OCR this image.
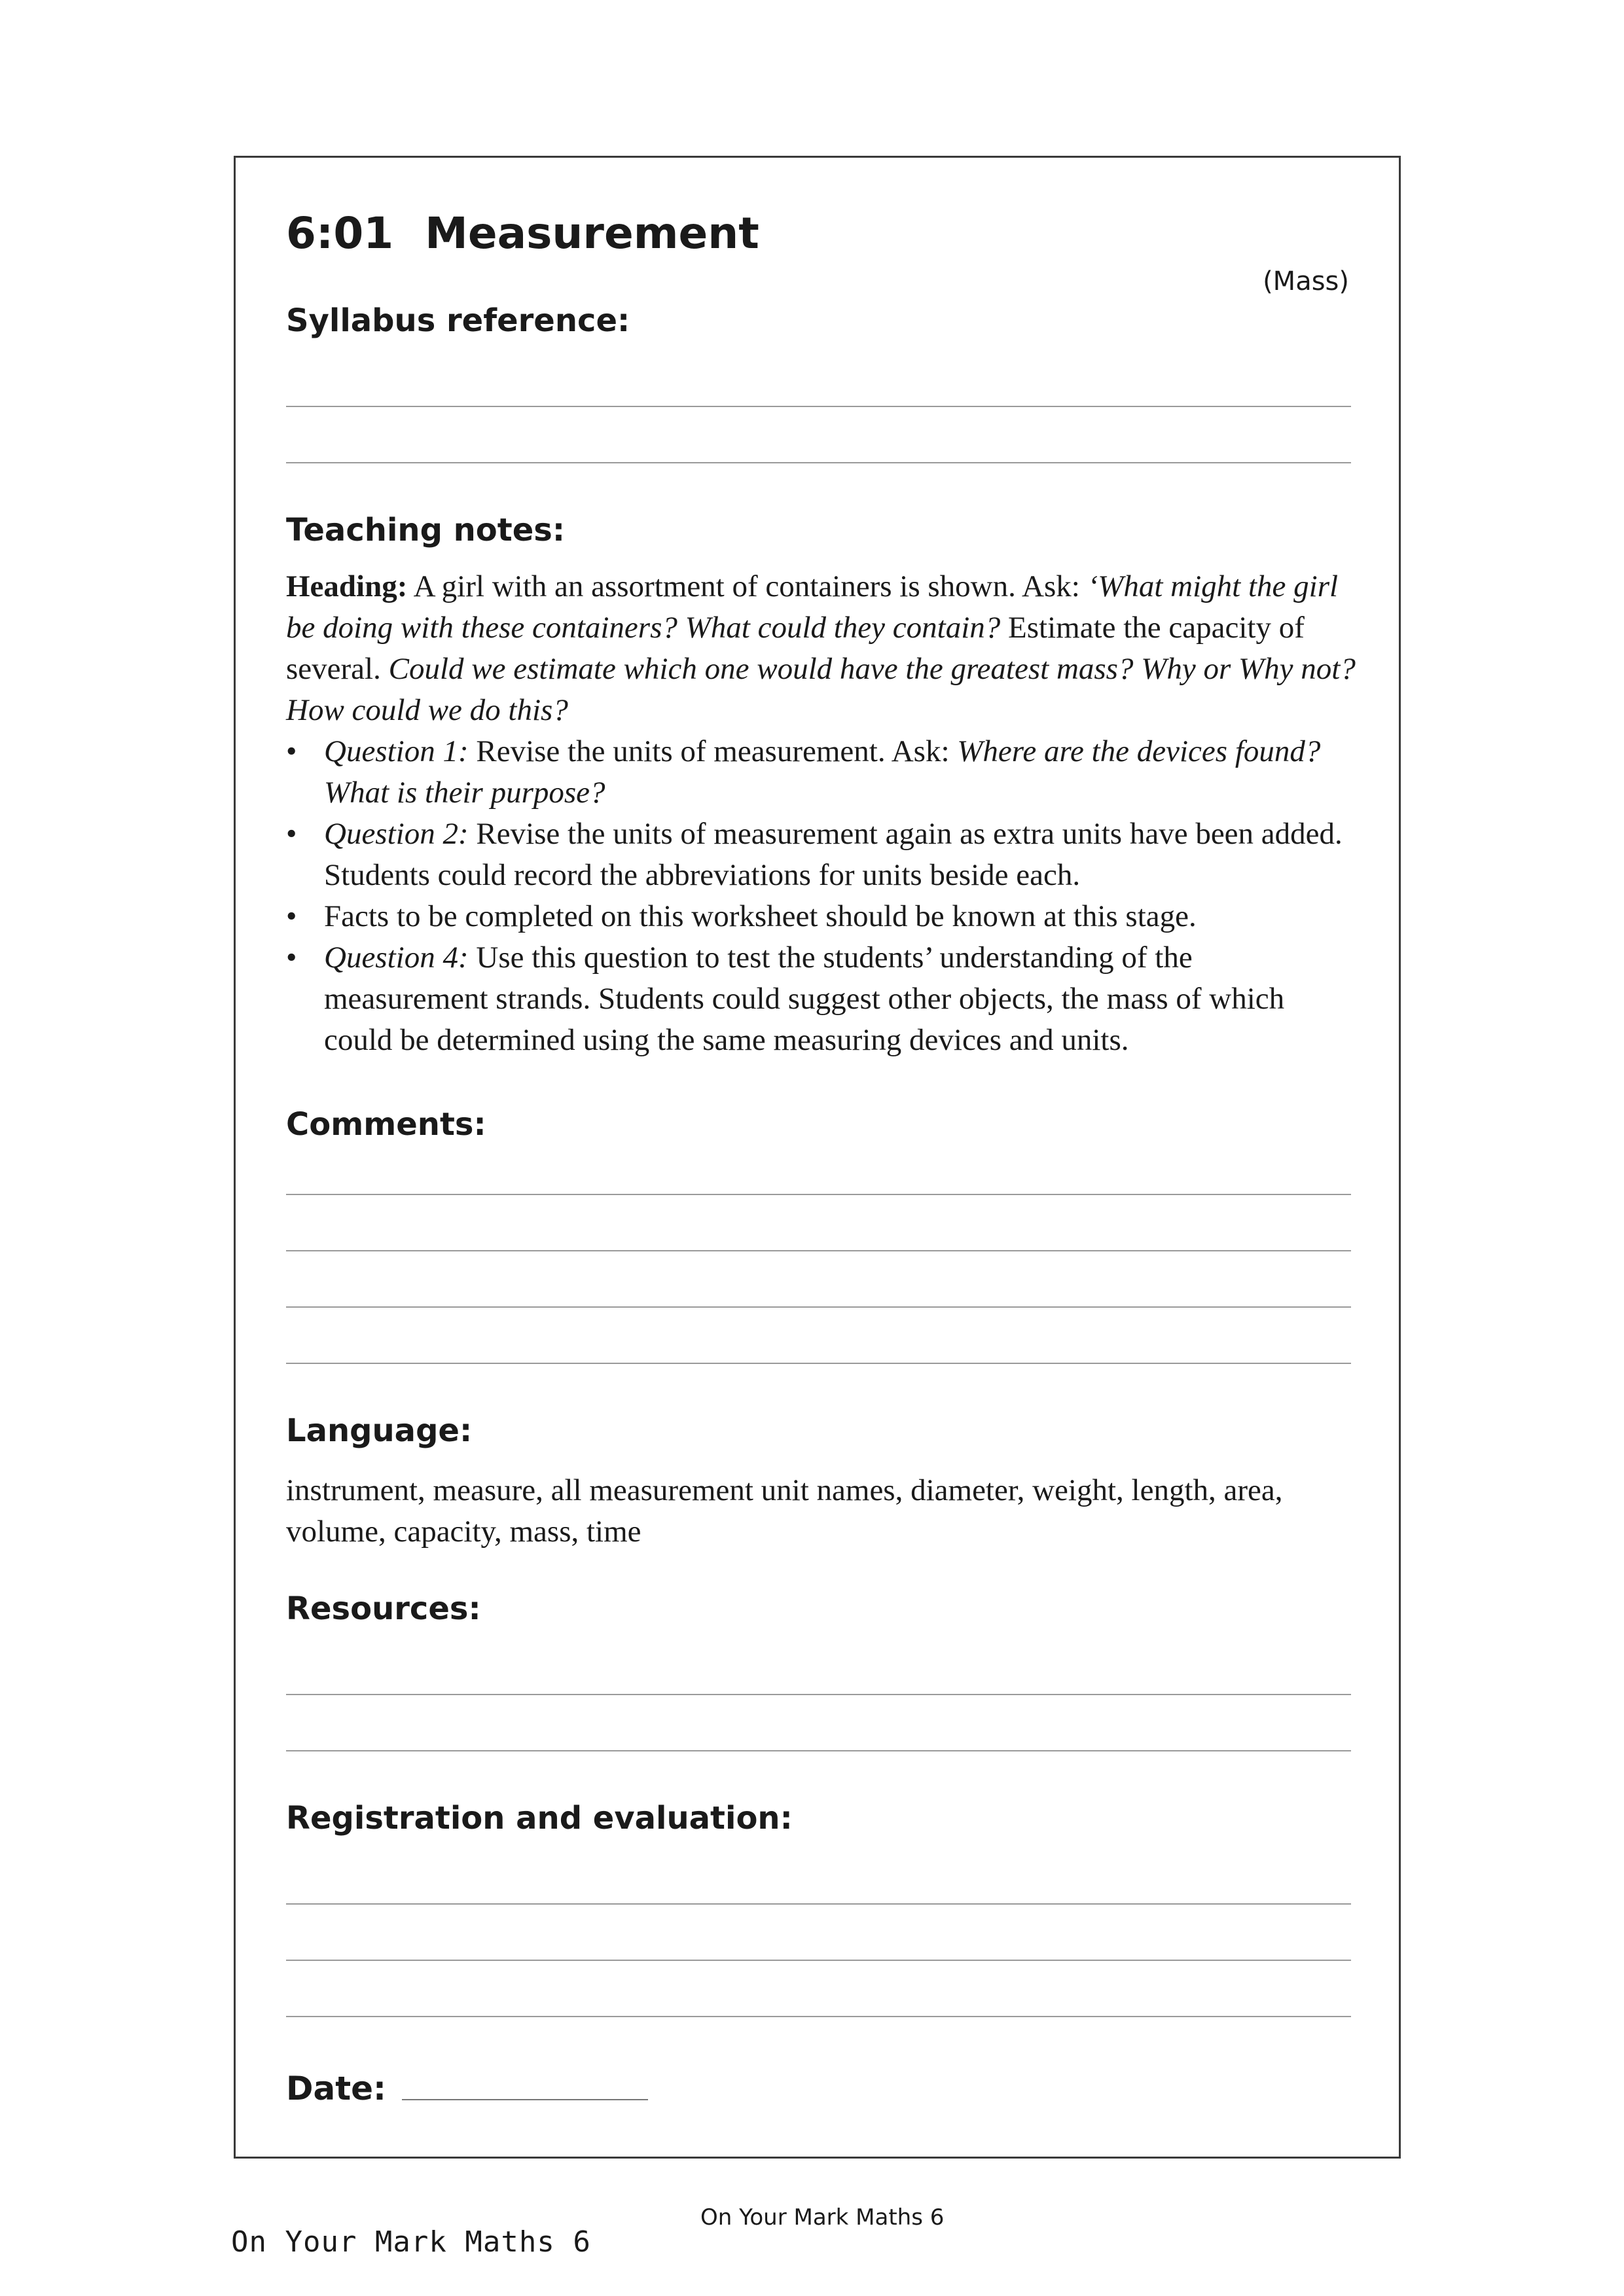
6:01 Measurement
(Mass)
Syllabus reference:
Teaching notes:

Heading: A girl with an assortment of containers is shown. Ask: ‘What might the girl be doing with these containers? What could they contain? Estimate the capacity of several. Could we estimate which one would have the greatest mass? Why or Why not? How could we do this?

• Question 1: Revise the units of measurement. Ask: Where are the devices found? What is their purpose?
• Question 2: Revise the units of measurement again as extra units have been added. Students could record the abbreviations for units beside each.
• Facts to be completed on this worksheet should be known at this stage.
• Question 4: Use this question to test the students’ understanding of the measurement strands. Students could suggest other objects, the mass of which could be determined using the same measuring devices and units.
Comments:
Language:
instrument, measure, all measurement unit names, diameter, weight, length, area, volume, capacity, mass, time
Resources:
Registration and evaluation:
Date:
On Your Mark Maths 6
On Your Mark Maths 6
